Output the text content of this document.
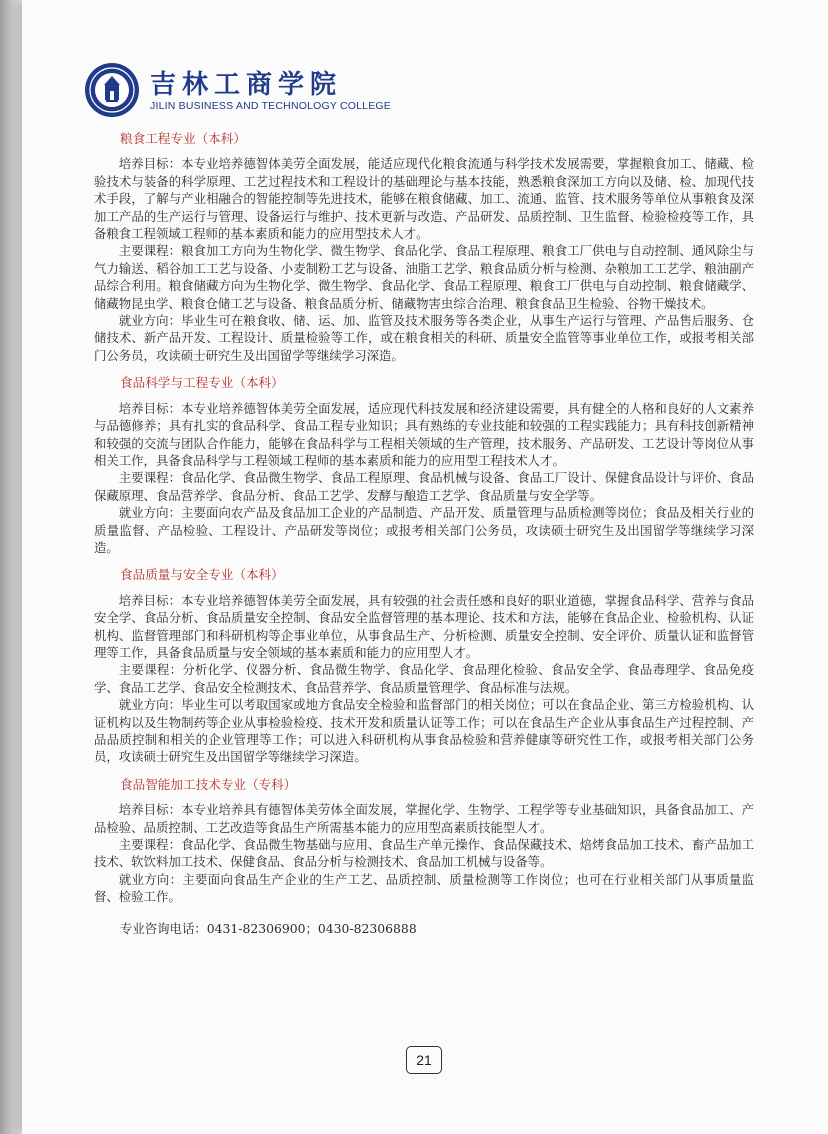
吉林工商学院
JILIN BUSINESS AND TECHNOLOGY COLLEGE
粮食工程专业（本科）

培养目标：本专业培养德智体美劳全面发展，能适应现代化粮食流通与科学技术发展需要，掌握粮食加工、储藏、检验技术与装备的科学原理、工艺过程技术和工程设计的基础理论与基本技能，熟悉粮食深加工方向以及储、检、加现代技术手段，了解与产业相融合的智能控制等先进技术，能够在粮食储藏、加工、流通、监管、技术服务等单位从事粮食及深加工产品的生产运行与管理、设备运行与维护、技术更新与改造、产品研发、品质控制、卫生监督、检验检疫等工作，具备粮食工程领域工程师的基本素质和能力的应用型技术人才。

主要课程：粮食加工方向为生物化学、微生物学、食品化学、食品工程原理、粮食工厂供电与自动控制、通风除尘与气力输送、稻谷加工工艺与设备、小麦制粉工艺与设备、油脂工艺学、粮食品质分析与检测、杂粮加工工艺学、粮油副产品综合利用。粮食储藏方向为生物化学、微生物学、食品化学、食品工程原理、粮食工厂供电与自动控制、粮食储藏学、储藏物昆虫学、粮食仓储工艺与设备、粮食品质分析、储藏物害虫综合治理、粮食食品卫生检验、谷物干燥技术。

就业方向：毕业生可在粮食收、储、运、加、监管及技术服务等各类企业，从事生产运行与管理、产品售后服务、仓储技术、新产品开发、工程设计、质量检验等工作，或在粮食相关的科研、质量安全监管等事业单位工作，或报考相关部门公务员，攻读硕士研究生及出国留学等继续学习深造。

食品科学与工程专业（本科）

培养目标：本专业培养德智体美劳全面发展，适应现代科技发展和经济建设需要，具有健全的人格和良好的人文素养与品德修养；具有扎实的食品科学、食品工程专业知识；具有熟练的专业技能和较强的工程实践能力；具有科技创新精神和较强的交流与团队合作能力，能够在食品科学与工程相关领域的生产管理，技术服务、产品研发、工艺设计等岗位从事相关工作，具备食品科学与工程领域工程师的基本素质和能力的应用型工程技术人才。

主要课程：食品化学、食品微生物学、食品工程原理、食品机械与设备、食品工厂设计、保健食品设计与评价、食品保藏原理、食品营养学、食品分析、食品工艺学、发酵与酿造工艺学、食品质量与安全学等。

就业方向：主要面向农产品及食品加工企业的产品制造、产品开发、质量管理与品质检测等岗位；食品及相关行业的质量监督、产品检验、工程设计、产品研发等岗位；或报考相关部门公务员，攻读硕士研究生及出国留学等继续学习深造。

食品质量与安全专业（本科）

培养目标：本专业培养德智体美劳全面发展，具有较强的社会责任感和良好的职业道德，掌握食品科学、营养与食品安全学、食品分析、食品质量安全控制、食品安全监督管理的基本理论、技术和方法，能够在食品企业、检验机构、认证机构、监督管理部门和科研机构等企事业单位，从事食品生产、分析检测、质量安全控制、安全评价、质量认证和监督管理等工作，具备食品质量与安全领域的基本素质和能力的应用型人才。

主要课程：分析化学、仪器分析、食品微生物学、食品化学、食品理化检验、食品安全学、食品毒理学、食品免疫学、食品工艺学、食品安全检测技术、食品营养学、食品质量管理学、食品标准与法规。

就业方向：毕业生可以考取国家或地方食品安全检验和监督部门的相关岗位；可以在食品企业、第三方检验机构、认证机构以及生物制药等企业从事检验检疫、技术开发和质量认证等工作；可以在食品生产企业从事食品生产过程控制、产品品质控制和相关的企业管理等工作；可以进入科研机构从事食品检验和营养健康等研究性工作，或报考相关部门公务员，攻读硕士研究生及出国留学等继续学习深造。

食品智能加工技术专业（专科）

培养目标：本专业培养具有德智体美劳体全面发展，掌握化学、生物学、工程学等专业基础知识，具备食品加工、产品检验、品质控制、工艺改造等食品生产所需基本能力的应用型高素质技能型人才。

主要课程：食品化学、食品微生物基础与应用、食品生产单元操作、食品保藏技术、焙烤食品加工技术、畜产品加工技术、软饮料加工技术、保健食品、食品分析与检测技术、食品加工机械与设备等。

就业方向：主要面向食品生产企业的生产工艺、品质控制、质量检测等工作岗位；也可在行业相关部门从事质量监督、检验工作。

专业咨询电话：0431-82306900；0430-82306888
21
